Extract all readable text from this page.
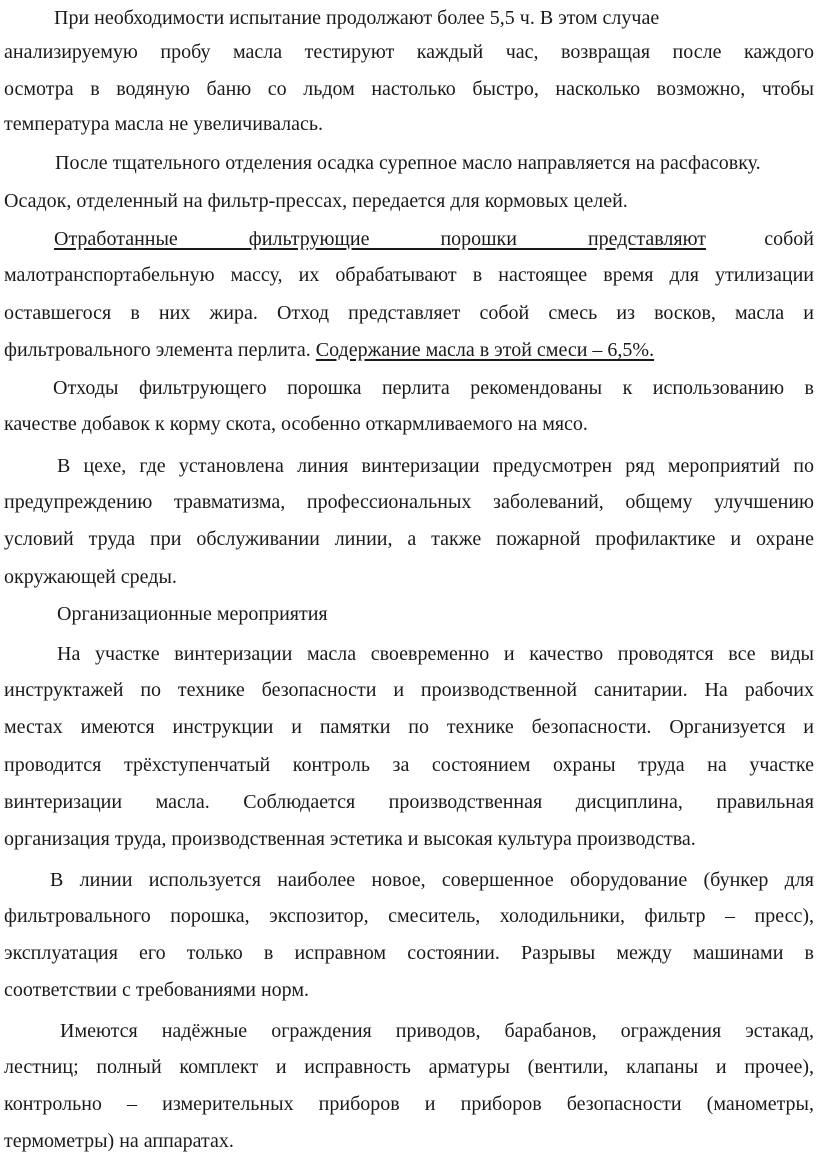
При необходимости испытание продолжают более 5,5 ч. В этом случае
анализируемую пробу масла тестируют каждый час, возвращая после каждого
осмотра в водяную баню со льдом настолько быстро, насколько возможно, чтобы
температура масла не увеличивалась.
После тщательного отделения осадка сурепное масло направляется на расфасовку.
Осадок, отделенный на фильтр-прессах, передается для кормовых целей.
Отработанные фильтрующие порошки представляют	собой
малотранспортабельную массу, их обрабатывают в настоящее время для утилизации
оставшегося в них жира. Отход представляет собой смесь из восков, масла и
фильтровального элемента перлита. Содержание масла в этой смеси – 6,5%.
Отходы фильтрующего порошка перлита рекомендованы к использованию в
качестве добавок к корму скота, особенно откармливаемого на мясо.
В цехе, где установлена линия винтеризации предусмотрен ряд мероприятий по
предупреждению травматизма, профессиональных заболеваний, общему улучшению
условий труда при обслуживании линии, а также пожарной профилактике и охране
окружающей среды.
Организационные мероприятия
На участке винтеризации масла своевременно и качество проводятся все виды
инструктажей по технике безопасности и производственной санитарии. На рабочих
местах имеются инструкции и памятки по технике безопасности. Организуется и
проводится трёхступенчатый контроль за состоянием охраны труда на участке
винтеризации масла. Соблюдается производственная дисциплина, правильная
организация труда, производственная эстетика и высокая культура производства.
В линии используется наиболее новое, совершенное оборудование (бункер для
фильтровального порошка, экспозитор, смеситель, холодильники, фильтр – пресс),
эксплуатация его только в исправном состоянии. Разрывы между машинами в
соответствии с требованиями норм.
Имеются надёжные ограждения приводов, барабанов, ограждения эстакад,
лестниц; полный комплект и исправность арматуры (вентили, клапаны и прочее),
контрольно – измерительных приборов и приборов безопасности (манометры,
термометры) на аппаратах.
